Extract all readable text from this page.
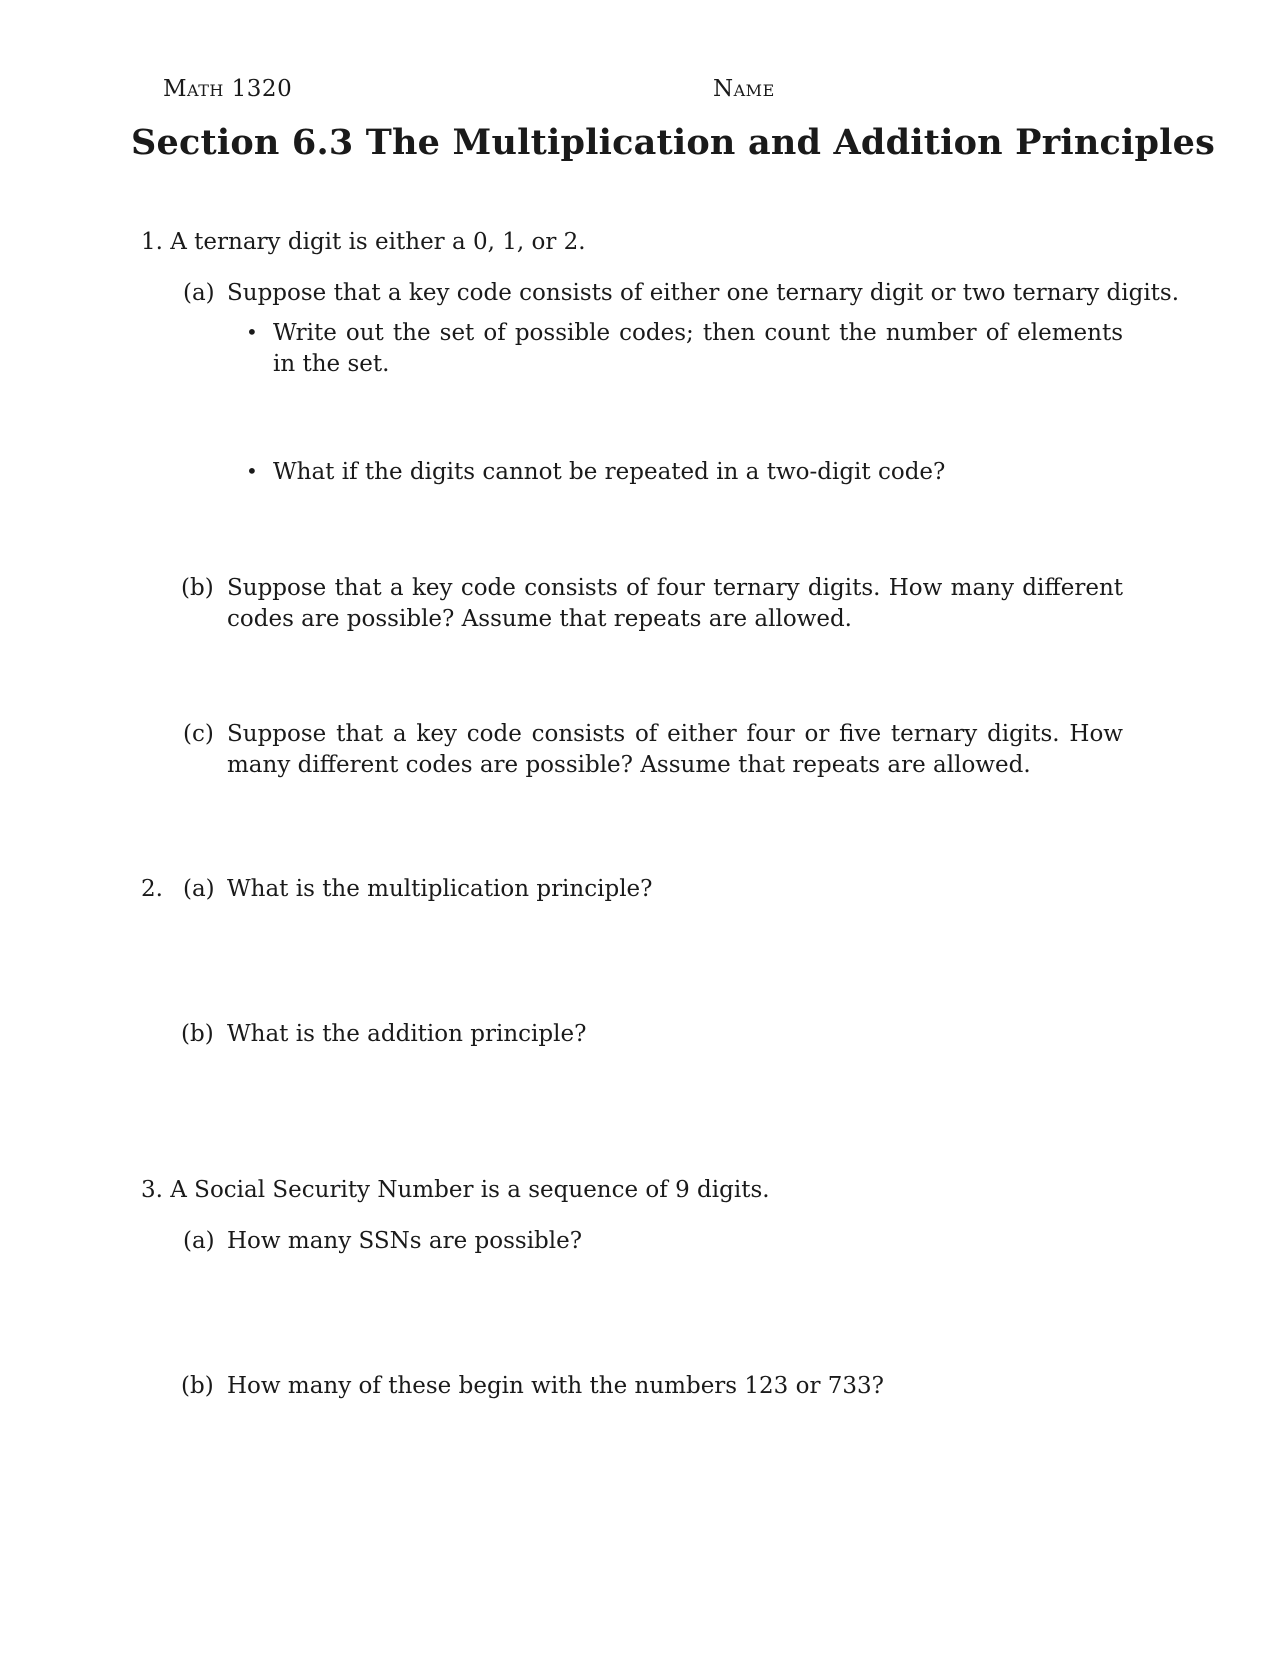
Math 1320	Name
Section 6.3 The Multiplication and Addition Principles
1. A ternary digit is either a 0, 1, or 2.
(a) Suppose that a key code consists of either one ternary digit or two ternary digits.
• Write out the set of possible codes; then count the number of elements in the set.
• What if the digits cannot be repeated in a two-digit code?
(b) Suppose that a key code consists of four ternary digits. How many different codes are possible? Assume that repeats are allowed.
(c) Suppose that a key code consists of either four or five ternary digits. How many different codes are possible? Assume that repeats are allowed.
2. (a) What is the multiplication principle?
(b) What is the addition principle?
3. A Social Security Number is a sequence of 9 digits.
(a) How many SSNs are possible?
(b) How many of these begin with the numbers 123 or 733?
